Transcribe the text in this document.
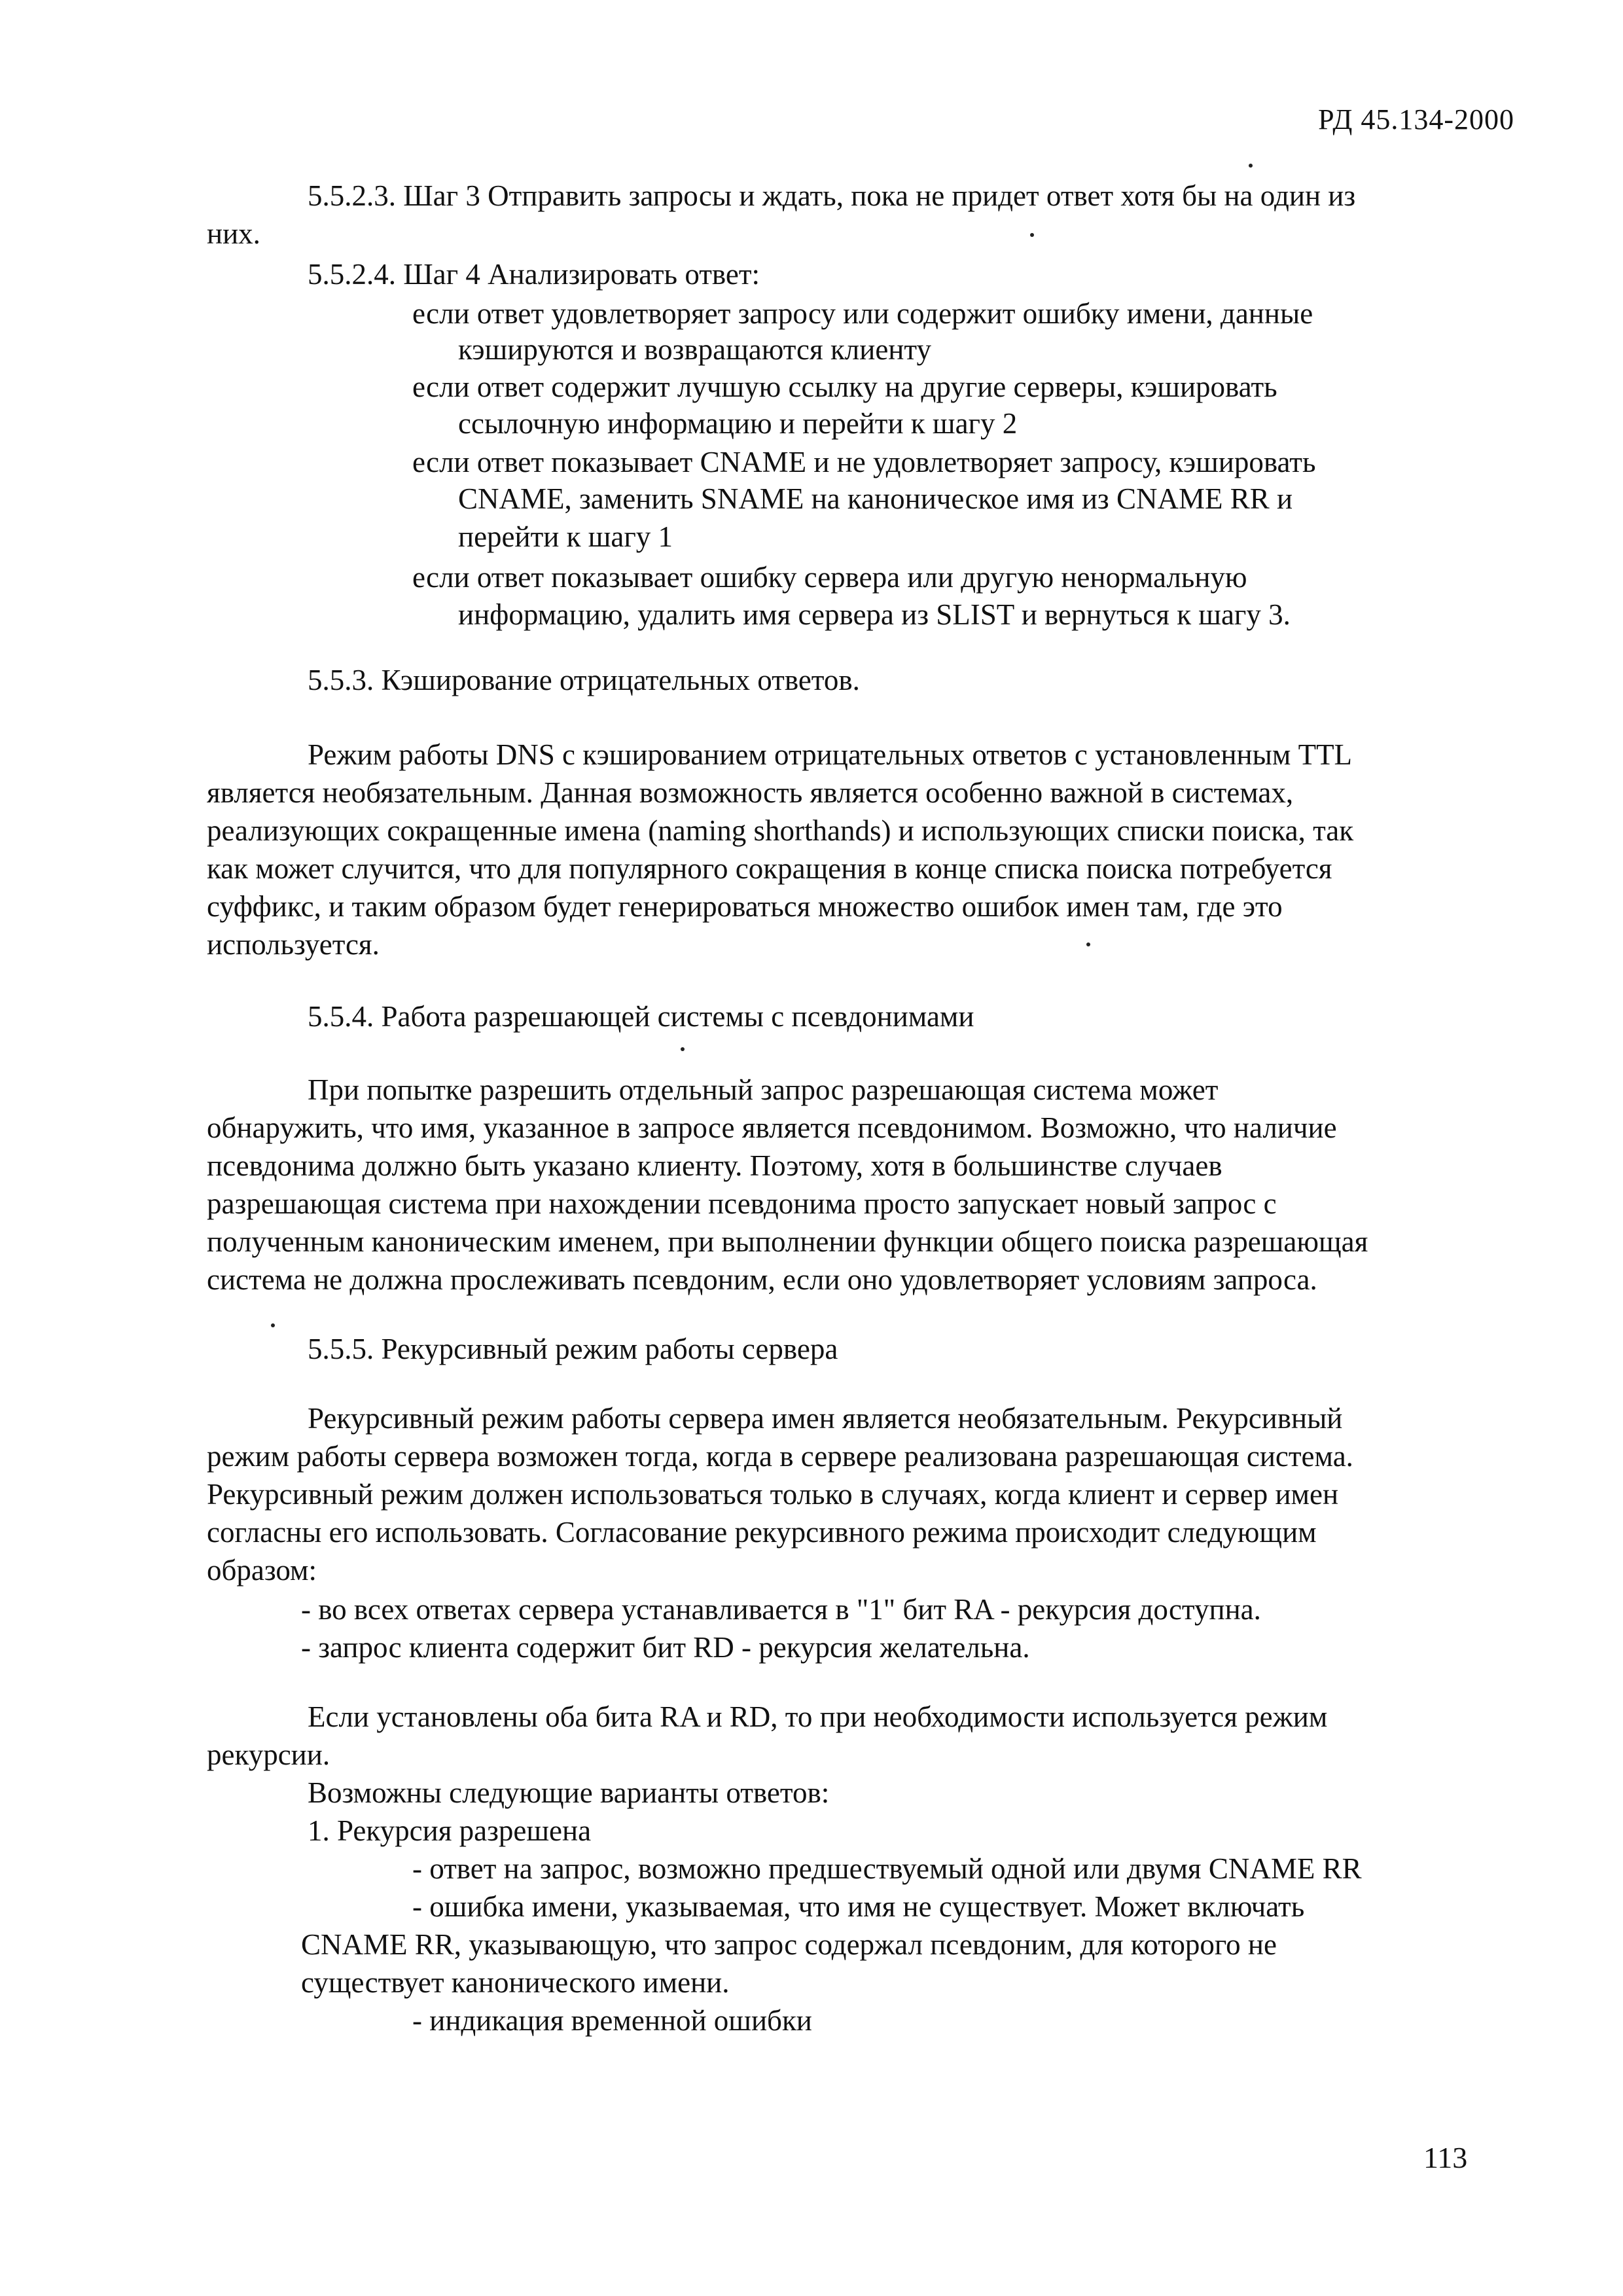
РД 45.134-2000
5.5.2.3. Шаг 3 Отправить запросы и ждать, пока не придет ответ хотя бы на один из
них.
5.5.2.4. Шаг 4 Анализировать ответ:
если ответ удовлетворяет запросу или содержит ошибку имени, данные
кэшируются и возвращаются клиенту
если ответ содержит лучшую ссылку на другие серверы, кэшировать
ссылочную информацию и перейти к шагу 2
если ответ показывает CNAME и не удовлетворяет запросу, кэшировать
CNAME, заменить SNAME на каноническое имя из CNAME RR и
перейти к шагу 1
если ответ показывает ошибку сервера или другую ненормальную
информацию, удалить имя сервера из SLIST и вернуться к шагу 3.
5.5.3. Кэширование отрицательных ответов.
Режим работы DNS с кэшированием отрицательных ответов с установленным TTL
является необязательным. Данная возможность является особенно важной в системах,
реализующих сокращенные имена (naming shorthands) и использующих списки поиска, так
как может случится, что для популярного сокращения в конце списка поиска потребуется
суффикс, и таким образом будет генерироваться множество ошибок имен там, где это
используется.
5.5.4. Работа разрешающей системы с псевдонимами
При попытке разрешить отдельный запрос разрешающая система может
обнаружить, что имя, указанное в запросе является псевдонимом. Возможно, что наличие
псевдонима должно быть указано клиенту. Поэтому, хотя в большинстве случаев
разрешающая система при нахождении псевдонима просто запускает новый запрос с
полученным каноническим именем, при выполнении функции общего поиска разрешающая
система не должна прослеживать псевдоним, если оно удовлетворяет условиям запроса.
5.5.5. Рекурсивный режим работы сервера
Рекурсивный режим работы сервера имен является необязательным. Рекурсивный
режим работы сервера возможен тогда, когда в сервере реализована разрешающая система.
Рекурсивный режим должен использоваться только в случаях, когда клиент и сервер имен
согласны его использовать. Согласование рекурсивного режима происходит следующим
образом:
- во всех ответах сервера устанавливается в "1" бит RA - рекурсия доступна.
- запрос клиента содержит бит RD - рекурсия желательна.
Если установлены оба бита RA и RD, то при необходимости используется режим
рекурсии.
Возможны следующие варианты ответов:
1. Рекурсия разрешена
- ответ на запрос, возможно предшествуемый одной или двумя CNAME RR
- ошибка имени, указываемая, что имя не существует. Может включать
CNAME RR, указывающую, что запрос содержал псевдоним, для которого не
существует канонического имени.
- индикация временной ошибки
113
